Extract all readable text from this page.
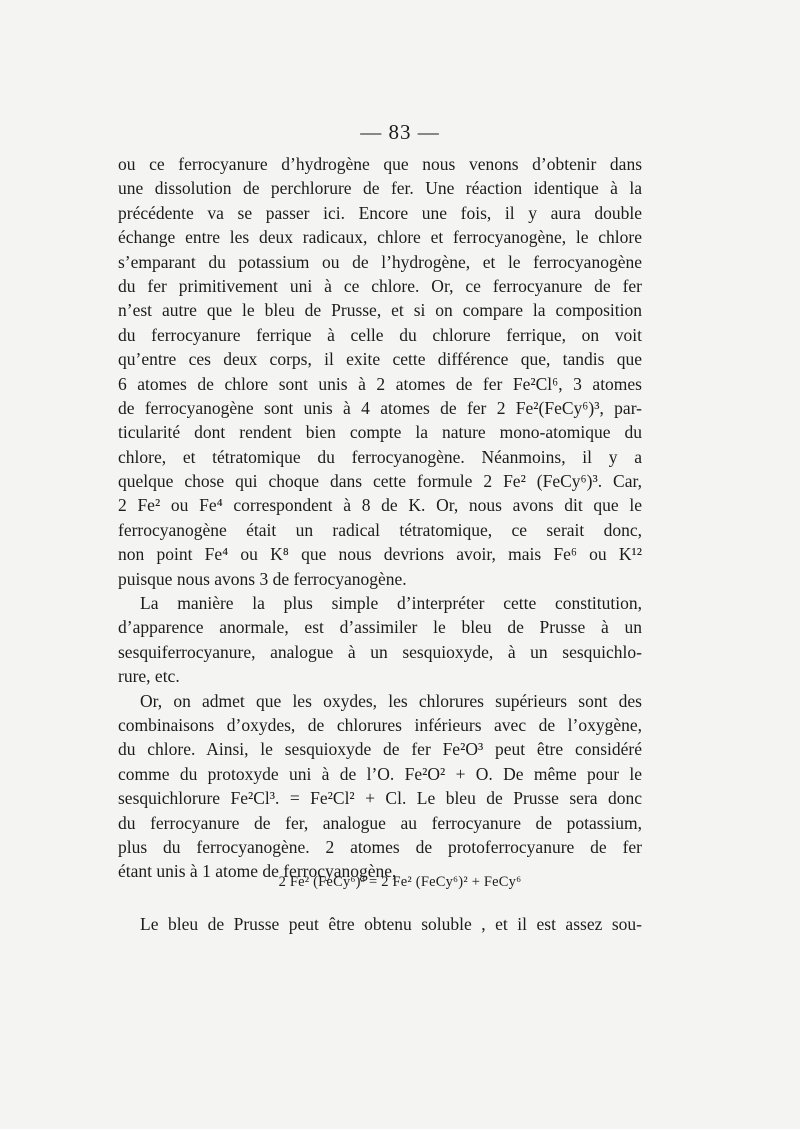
— 83 —
ou ce ferrocyanure d’hydrogène que nous venons d’obtenir dans
une dissolution de perchlorure de fer. Une réaction identique à la
précédente va se passer ici. Encore une fois, il y aura double
échange entre les deux radicaux, chlore et ferrocyanogène, le chlore
s’emparant du potassium ou de l’hydrogène, et le ferrocyanogène
du fer primitivement uni à ce chlore. Or, ce ferrocyanure de fer
n’est autre que le bleu de Prusse, et si on compare la composition
du ferrocyanure ferrique à celle du chlorure ferrique, on voit
qu’entre ces deux corps, il exite cette différence que, tandis que
6 atomes de chlore sont unis à 2 atomes de fer Fe²Cl⁶, 3 atomes
de ferrocyanogène sont unis à 4 atomes de fer 2 Fe²(FeCy⁶)³, par-
ticularité dont rendent bien compte la nature mono-atomique du
chlore, et tétratomique du ferrocyanogène. Néanmoins, il y a
quelque chose qui choque dans cette formule 2 Fe² (FeCy⁶)³. Car,
2 Fe² ou Fe⁴ correspondent à 8 de K. Or, nous avons dit que le
ferrocyanogène était un radical tétratomique, ce serait donc,
non point Fe⁴ ou K⁸ que nous devrions avoir, mais Fe⁶ ou K¹²
puisque nous avons 3 de ferrocyanogène.
La manière la plus simple d’interpréter cette constitution,
d’apparence anormale, est d’assimiler le bleu de Prusse à un
sesquiferrocyanure, analogue à un sesquioxyde, à un sesquichlo-
rure, etc.
Or, on admet que les oxydes, les chlorures supérieurs sont des
combinaisons d’oxydes, de chlorures inférieurs avec de l’oxygène,
du chlore. Ainsi, le sesquioxyde de fer Fe²O³ peut être considéré
comme du protoxyde uni à de l’O. Fe²O² + O. De même pour le
sesquichlorure Fe²Cl³. = Fe²Cl² + Cl. Le bleu de Prusse sera donc
du ferrocyanure de fer, analogue au ferrocyanure de potassium,
plus du ferrocyanogène. 2 atomes de protoferrocyanure de fer
étant unis à 1 atome de ferrocyanogène,
2 Fe² (FeCy⁶)³ = 2 Fe² (FeCy⁶)² + FeCy⁶
Le bleu de Prusse peut être obtenu soluble , et il est assez sou-
